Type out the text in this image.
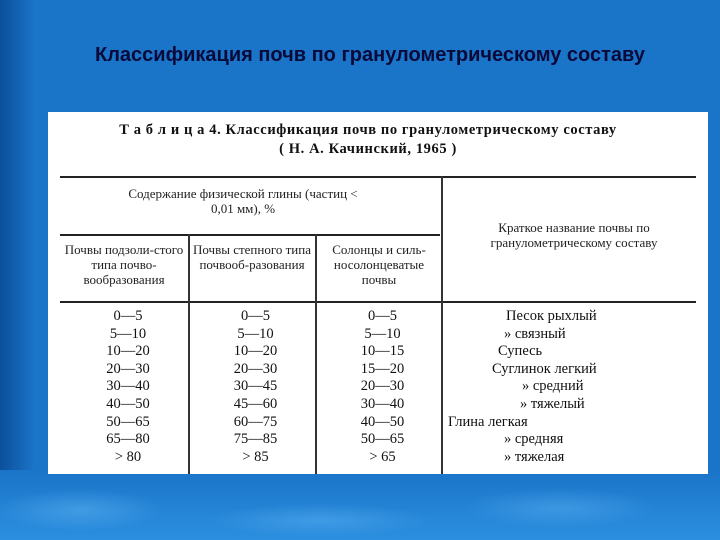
Классификация почв по гранулометрическому составу
Т а б л и ц а 4. Классификация почв по гранулометрическому составу
( Н. А. Качинский, 1965 )
Содержание физической глины (частиц < 0,01 мм), %
Почвы подзоли-стого типа почво-вообразования
Почвы степного типа почвооб-разования
Солонцы и силь-носолонцеватые почвы
Краткое название почвы по гранулометрическому составу
0—5
5—10
10—20
20—30
30—40
40—50
50—65
65—80
> 80
0—5
5—10
10—20
20—30
30—45
45—60
60—75
75—85
> 85
0—5
5—10
10—15
15—20
20—30
30—40
40—50
50—65
> 65
Песок рыхлый
» связный
Супесь
Суглинок легкий
» средний
» тяжелый
Глина легкая
» средняя
» тяжелая
